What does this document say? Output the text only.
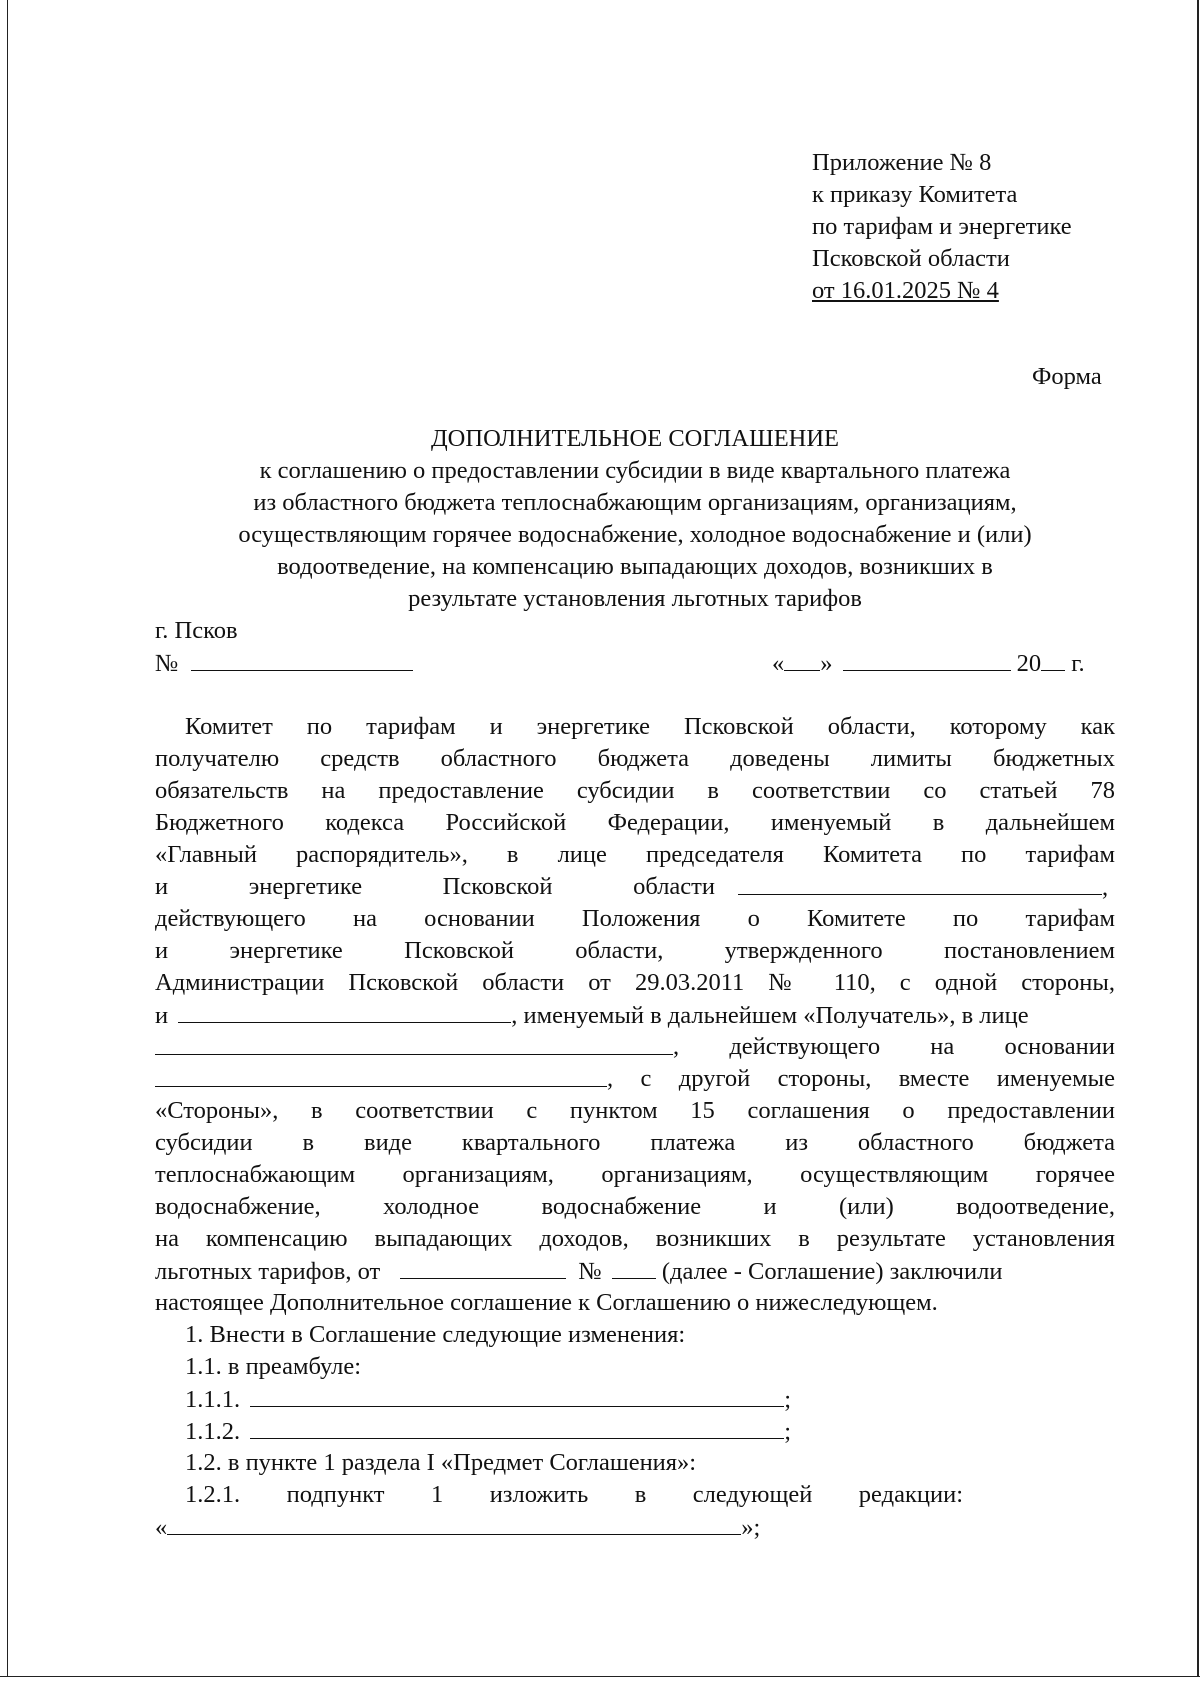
Приложение № 8

к приказу Комитета

по тарифам и энергетике

Псковской области

от 16.01.2025 № 4

Форма

ДОПОЛНИТЕЛЬНОЕ СОГЛАШЕНИЕ

к соглашению о предоставлении субсидии в виде квартального платежа

из областного бюджета теплоснабжающим организациям, организациям,

осуществляющим горячее водоснабжение, холодное водоснабжение и (или)

водоотведение, на компенсацию выпадающих доходов, возникших в

результате установления льготных тарифов

г. Псков

№	« »	20 г.

Комитет по тарифам и энергетике Псковской области, которому как

получателю средств областного бюджета доведены лимиты бюджетных

обязательств на предоставление субсидии в соответствии со статьей 78

Бюджетного кодекса Российской Федерации, именуемый в дальнейшем

«Главный распорядитель», в лице председателя Комитета по тарифам

и энергетике Псковской области	,

действующего на основании Положения о Комитете по тарифам

и энергетике Псковской области, утвержденного постановлением

Администрации Псковской области от 29.03.2011 № 110, с одной стороны,

и	, именуемый в дальнейшем «Получатель», в лице

, действующего на основании

, с другой стороны, вместе именуемые

«Стороны», в соответствии с пунктом 15 соглашения о предоставлении

субсидии в виде квартального платежа из областного бюджета

теплоснабжающим организациям, организациям, осуществляющим горячее

водоснабжение, холодное водоснабжение и (или) водоотведение,

на компенсацию выпадающих доходов, возникших в результате установления

льготных тарифов, от	№ (далее - Соглашение) заключили

настоящее Дополнительное соглашение к Соглашению о нижеследующем.

1. Внести в Соглашение следующие изменения:

1.1. в преамбуле:

1.1.1.	;

1.1.2.	;

1.2. в пункте 1 раздела I «Предмет Соглашения»:

1.2.1. подпункт 1 изложить в следующей редакции:

«	»;
